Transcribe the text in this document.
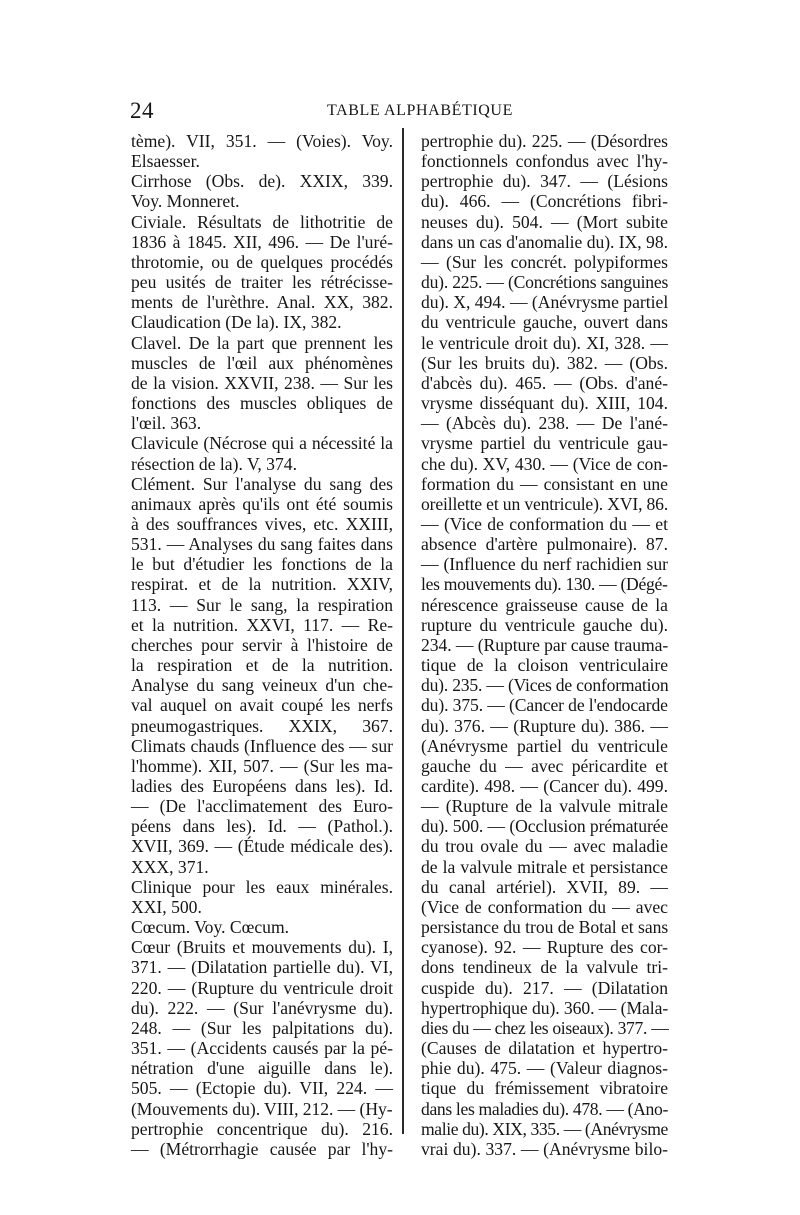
24	TABLE ALPHABÉTIQUE
tème). VII, 351. — (Voies). Voy.
Elsaesser.
Cirrhose (Obs. de). XXIX, 339.
Voy. Monneret.
Civiale. Résultats de lithotritie de
1836 à 1845. XII, 496. — De l'uré-
throtomie, ou de quelques procédés
peu usités de traiter les rétrécisse-
ments de l'urèthre. Anal. XX, 382.
Claudication (De la). IX, 382.
Clavel. De la part que prennent les
muscles de l'œil aux phénomènes
de la vision. XXVII, 238. — Sur les
fonctions des muscles obliques de
l'œil. 363.
Clavicule (Nécrose qui a nécessité la
résection de la). V, 374.
Clément. Sur l'analyse du sang des
animaux après qu'ils ont été soumis
à des souffrances vives, etc. XXIII,
531. — Analyses du sang faites dans
le but d'étudier les fonctions de la
respirat. et de la nutrition. XXIV,
113. — Sur le sang, la respiration
et la nutrition. XXVI, 117. — Re-
cherches pour servir à l'histoire de
la respiration et de la nutrition.
Analyse du sang veineux d'un che-
val auquel on avait coupé les nerfs
pneumogastriques. XXIX, 367.
Climats chauds (Influence des — sur
l'homme). XII, 507. — (Sur les ma-
ladies des Européens dans les). Id.
— (De l'acclimatement des Euro-
péens dans les). Id. — (Pathol.).
XVII, 369. — (Étude médicale des).
XXX, 371.
Clinique pour les eaux minérales.
XXI, 500.
Cœcum. Voy. Cœcum.
Cœur (Bruits et mouvements du). I,
371. — (Dilatation partielle du). VI,
220. — (Rupture du ventricule droit
du). 222. — (Sur l'anévrysme du).
248. — (Sur les palpitations du).
351. — (Accidents causés par la pé-
nétration d'une aiguille dans le).
505. — (Ectopie du). VII, 224. —
(Mouvements du). VIII, 212. — (Hy-
pertrophie concentrique du). 216.
— (Métrorrhagie causée par l'hy-
pertrophie du). 225. — (Désordres
fonctionnels confondus avec l'hy-
pertrophie du). 347. — (Lésions
du). 466. — (Concrétions fibri-
neuses du). 504. — (Mort subite
dans un cas d'anomalie du). IX, 98.
— (Sur les concrét. polypiformes
du). 225. — (Concrétions sanguines
du). X, 494. — (Anévrysme partiel
du ventricule gauche, ouvert dans
le ventricule droit du). XI, 328. —
(Sur les bruits du). 382. — (Obs.
d'abcès du). 465. — (Obs. d'ané-
vrysme disséquant du). XIII, 104.
— (Abcès du). 238. — De l'ané-
vrysme partiel du ventricule gau-
che du). XV, 430. — (Vice de con-
formation du — consistant en une
oreillette et un ventricule). XVI, 86.
— (Vice de conformation du — et
absence d'artère pulmonaire). 87.
— (Influence du nerf rachidien sur
les mouvements du). 130. — (Dégé-
nérescence graisseuse cause de la
rupture du ventricule gauche du).
234. — (Rupture par cause trauma-
tique de la cloison ventriculaire
du). 235. — (Vices de conformation
du). 375. — (Cancer de l'endocarde
du). 376. — (Rupture du). 386. —
(Anévrysme partiel du ventricule
gauche du — avec péricardite et
cardite). 498. — (Cancer du). 499.
— (Rupture de la valvule mitrale
du). 500. — (Occlusion prématurée
du trou ovale du — avec maladie
de la valvule mitrale et persistance
du canal artériel). XVII, 89. —
(Vice de conformation du — avec
persistance du trou de Botal et sans
cyanose). 92. — Rupture des cor-
dons tendineux de la valvule tri-
cuspide du). 217. — (Dilatation
hypertrophique du). 360. — (Mala-
dies du — chez les oiseaux). 377. —
(Causes de dilatation et hypertro-
phie du). 475. — (Valeur diagnos-
tique du frémissement vibratoire
dans les maladies du). 478. — (Ano-
malie du). XIX, 335. — (Anévrysme
vrai du). 337. — (Anévrysme bilo-
